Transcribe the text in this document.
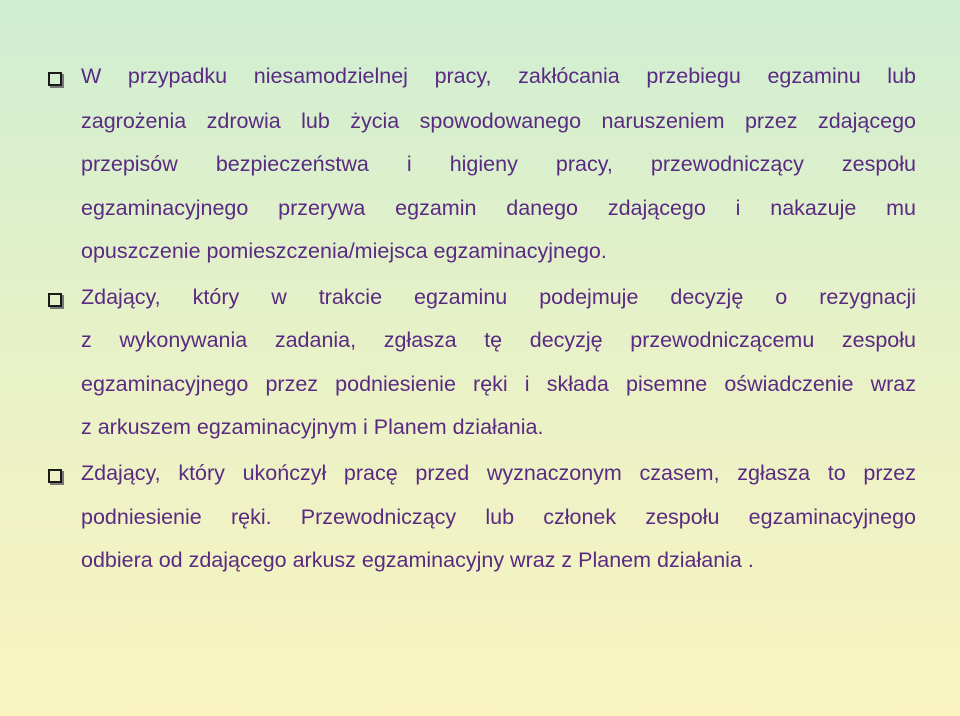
W przypadku niesamodzielnej pracy, zakłócania przebiegu egzaminu lub
zagrożenia zdrowia lub życia spowodowanego naruszeniem przez zdającego
przepisów bezpieczeństwa i higieny pracy, przewodniczący zespołu
egzaminacyjnego przerywa egzamin danego zdającego i nakazuje mu
opuszczenie pomieszczenia/miejsca egzaminacyjnego.
Zdający, który w trakcie egzaminu podejmuje decyzję o rezygnacji
z wykonywania zadania, zgłasza tę decyzję przewodniczącemu zespołu
egzaminacyjnego przez podniesienie ręki i składa pisemne oświadczenie wraz
z arkuszem egzaminacyjnym i Planem działania.
Zdający, który ukończył pracę przed wyznaczonym czasem, zgłasza to przez
podniesienie ręki. Przewodniczący lub członek zespołu egzaminacyjnego
odbiera od zdającego arkusz egzaminacyjny wraz z Planem działania .
